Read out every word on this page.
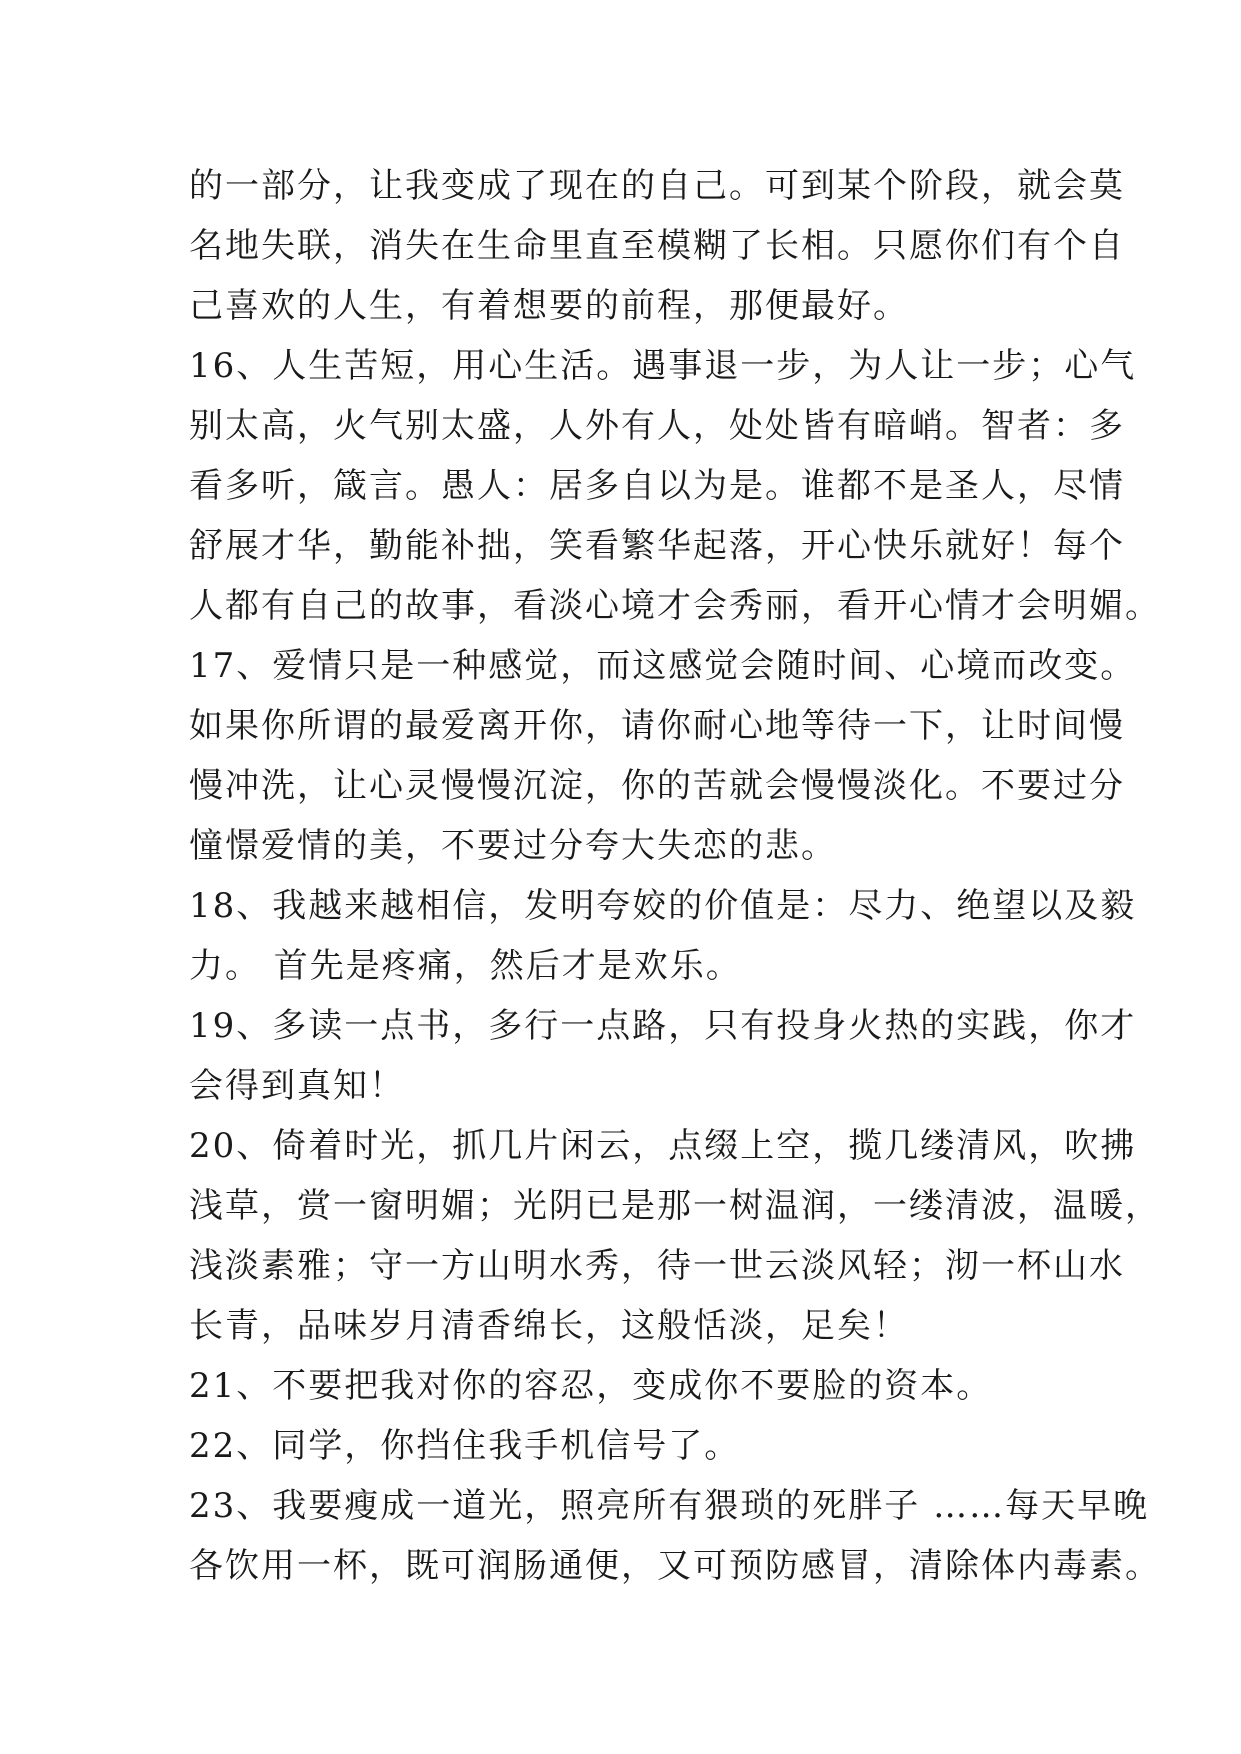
的一部分，让我变成了现在的自己。可到某个阶段，就会莫
名地失联，消失在生命里直至模糊了长相。只愿你们有个自
己喜欢的人生，有着想要的前程，那便最好。
16、人生苦短，用心生活。遇事退一步，为人让一步；心气
别太高，火气别太盛，人外有人，处处皆有暗峭。智者：多
看多听，箴言。愚人：居多自以为是。谁都不是圣人，尽情
舒展才华，勤能补拙，笑看繁华起落，开心快乐就好！每个
人都有自己的故事，看淡心境才会秀丽，看开心情才会明媚。
17、爱情只是一种感觉，而这感觉会随时间、心境而改变。
如果你所谓的最爱离开你，请你耐心地等待一下，让时间慢
慢冲洗，让心灵慢慢沉淀，你的苦就会慢慢淡化。不要过分
憧憬爱情的美，不要过分夸大失恋的悲。
18、我越来越相信，发明夸姣的价值是：尽力、绝望以及毅
力。 首先是疼痛，然后才是欢乐。
19、多读一点书，多行一点路，只有投身火热的实践，你才
会得到真知！
20、倚着时光，抓几片闲云，点缀上空，揽几缕清风，吹拂
浅草，赏一窗明媚；光阴已是那一树温润，一缕清波，温暖，
浅淡素雅；守一方山明水秀，待一世云淡风轻；沏一杯山水
长青，品味岁月清香绵长，这般恬淡，足矣！
21、不要把我对你的容忍，变成你不要脸的资本。
22、同学，你挡住我手机信号了。
23、我要瘦成一道光，照亮所有猥琐的死胖子 ……每天早晚
各饮用一杯，既可润肠通便，又可预防感冒，清除体内毒素。
